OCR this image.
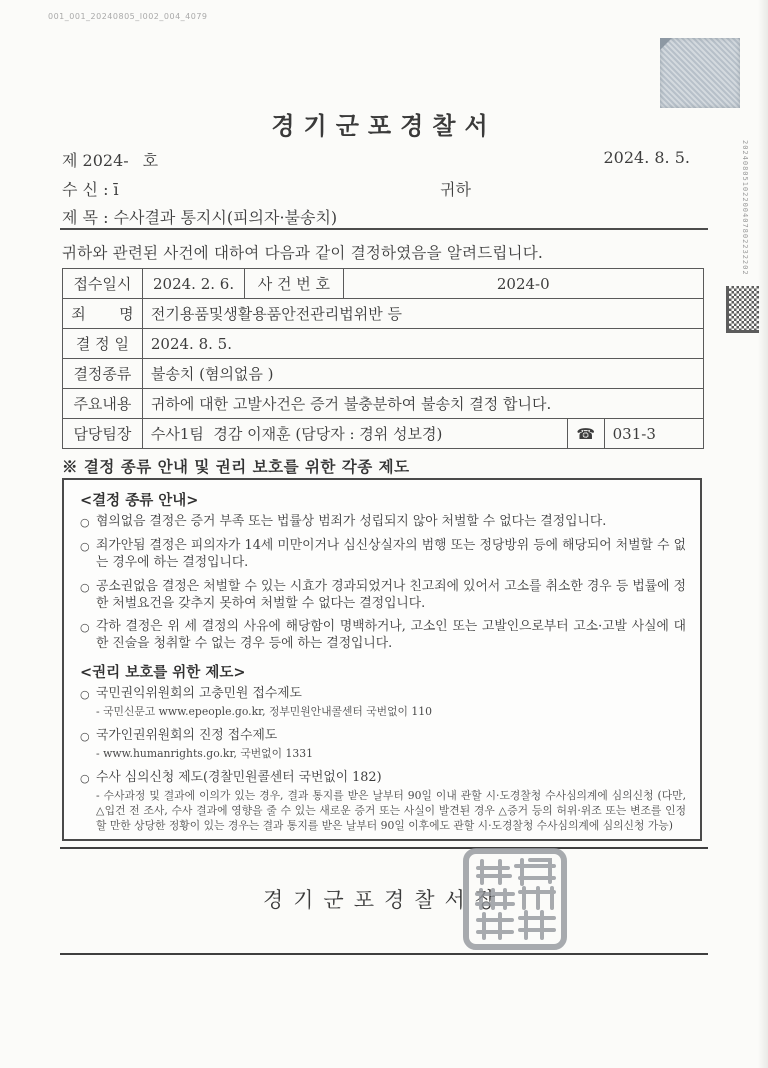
001_001_20240805_I002_004_4079
20240805102200407802232202
경기군포경찰서
제 2024- 호	2024. 8. 5.
수 신 : ī	귀하
제 목 : 수사결과 통지시(피의자·불송치)
귀하와 관련된 사건에 대하여 다음과 같이 결정하였음을 알려드립니다.
접수일시	2024. 2. 6.	사 건 번 호	2024-0		
죄       명	전기용품및생활용품안전관리법위반 등				
결 정 일	2024. 8. 5.				
결정종류	불송치 (혐의없음 )				
주요내용	귀하에 대한 고발사건은 증거 불충분하여 불송치 결정 합니다.				
담당팀장	수사1팀  경감 이재훈 (담당자 : 경위 성보경)			☎	031-3
※ 결정 종류 안내 및 권리 보호를 위한 각종 제도
<결정 종류 안내>
○ 혐의없음 결정은 증거 부족 또는 법률상 범죄가 성립되지 않아 처벌할 수 없다는 결정입니다.
○ 죄가안됨 결정은 피의자가 14세 미만이거나 심신상실자의 범행 또는 정당방위 등에 해당되어 처벌할 수 없는 경우에 하는 결정입니다.
○ 공소권없음 결정은 처벌할 수 있는 시효가 경과되었거나 친고죄에 있어서 고소를 취소한 경우 등 법률에 정한 처벌요건을 갖추지 못하여 처벌할 수 없다는 결정입니다.
○ 각하 결정은 위 세 결정의 사유에 해당함이 명백하거나, 고소인 또는 고발인으로부터 고소·고발 사실에 대한 진술을 청취할 수 없는 경우 등에 하는 결정입니다.
<권리 보호를 위한 제도>
○ 국민권익위원회의 고충민원 접수제도
- 국민신문고 www.epeople.go.kr, 정부민원안내콜센터 국번없이 110
○ 국가인권위원회의 진정 접수제도
- www.humanrights.go.kr, 국번없이 1331
○ 수사 심의신청 제도(경찰민원콜센터 국번없이 182)
- 수사과정 및 결과에 이의가 있는 경우, 결과 통지를 받은 날부터 90일 이내 관할 시·도경찰청 수사심의계에 심의신청 (다만, △입건 전 조사, 수사 결과에 영향을 줄 수 있는 새로운 증거 또는 사실이 발견된 경우 △증거 등의 허위·위조 또는 변조를 인정할 만한 상당한 정황이 있는 경우는 결과 통지를 받은 날부터 90일 이후에도 관할 시·도경찰청 수사심의계에 심의신청 가능)
경기군포경찰서장
